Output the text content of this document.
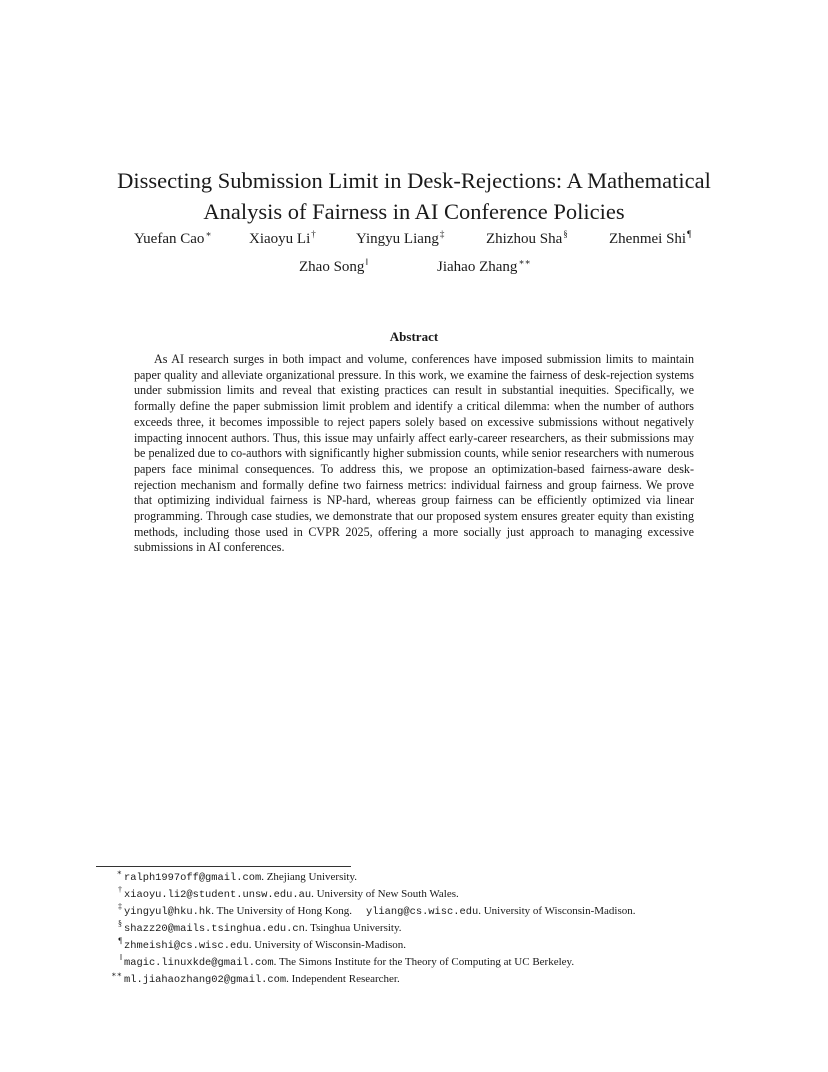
Dissecting Submission Limit in Desk-Rejections: A Mathematical
Analysis of Fairness in AI Conference Policies
Yuefan Cao∗ Xiaoyu Li†	Yingyu Liang‡	Zhizhou Sha§	Zhenmei Shi¶
Zhao Song‖	Jiahao Zhang∗∗
Abstract

As AI research surges in both impact and volume, conferences have imposed submission limits to maintain paper quality and alleviate organizational pressure. In this work, we examine the fairness of desk-rejection systems under submission limits and reveal that existing practices can result in substantial inequities. Specifically, we formally define the paper submission limit problem and identify a critical dilemma: when the number of authors exceeds three, it becomes impossible to reject papers solely based on excessive submissions without negatively impacting innocent authors. Thus, this issue may unfairly affect early-career researchers, as their submissions may be penalized due to co-authors with significantly higher submission counts, while senior researchers with numerous papers face minimal consequences. To address this, we propose an optimization-based fairness-aware desk-rejection mechanism and formally define two fairness metrics: individual fairness and group fairness. We prove that optimizing individual fairness is NP-hard, whereas group fairness can be efficiently optimized via linear programming. Through case studies, we demonstrate that our proposed system ensures greater equity than existing methods, including those used in CVPR 2025, offering a more socially just approach to managing excessive submissions in AI conferences.

∗ ralph1997off@gmail.com. Zhejiang University.
† xiaoyu.li2@student.unsw.edu.au. University of New South Wales.
‡ yingyul@hku.hk. The University of Hong Kong. yliang@cs.wisc.edu. University of Wisconsin-Madison.
§ shazz20@mails.tsinghua.edu.cn. Tsinghua University.
¶ zhmeishi@cs.wisc.edu. University of Wisconsin-Madison.
‖ magic.linuxkde@gmail.com. The Simons Institute for the Theory of Computing at UC Berkeley.
∗∗ ml.jiahaozhang02@gmail.com. Independent Researcher.
